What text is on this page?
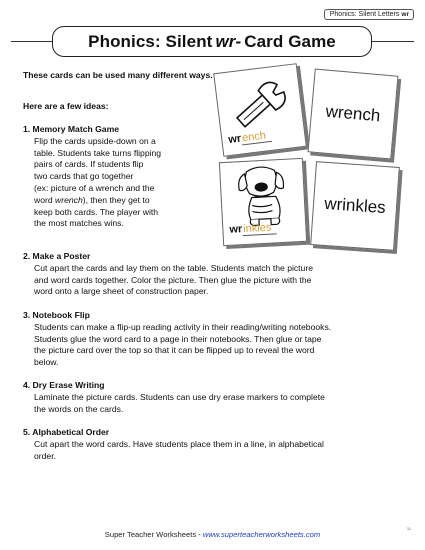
Phonics: Silent Letters wr
Phonics: Silent wr- Card Game
These cards can be used many different ways.
Here are a few ideas:
1. Memory Match Game
Flip the cards upside-down on a
table. Students take turns flipping
pairs of cards. If students flip
two cards that go together
(ex: picture of a wrench and the
word wrench), then they get to
keep both cards. The player with
the most matches wins.
2. Make a Poster
Cut apart the cards and lay them on the table. Students match the picture
and word cards together. Color the picture. Then glue the picture with the
word onto a large sheet of construction paper.
3. Notebook Flip
Students can make a flip-up reading activity in their reading/writing notebooks.
Students glue the word card to a page in their notebooks. Then glue or tape
the picture card over the top so that it can be flipped up to reveal the word
below.
4. Dry Erase Writing
Laminate the picture cards. Students can use dry erase markers to complete
the words on the cards.
5. Alphabetical Order
Cut apart the word cards. Have students place them in a line, in alphabetical
order.
wrench
wrench
wrinkles
wrinkles
Super Teacher Worksheets - www.superteacherworksheets.com
11
